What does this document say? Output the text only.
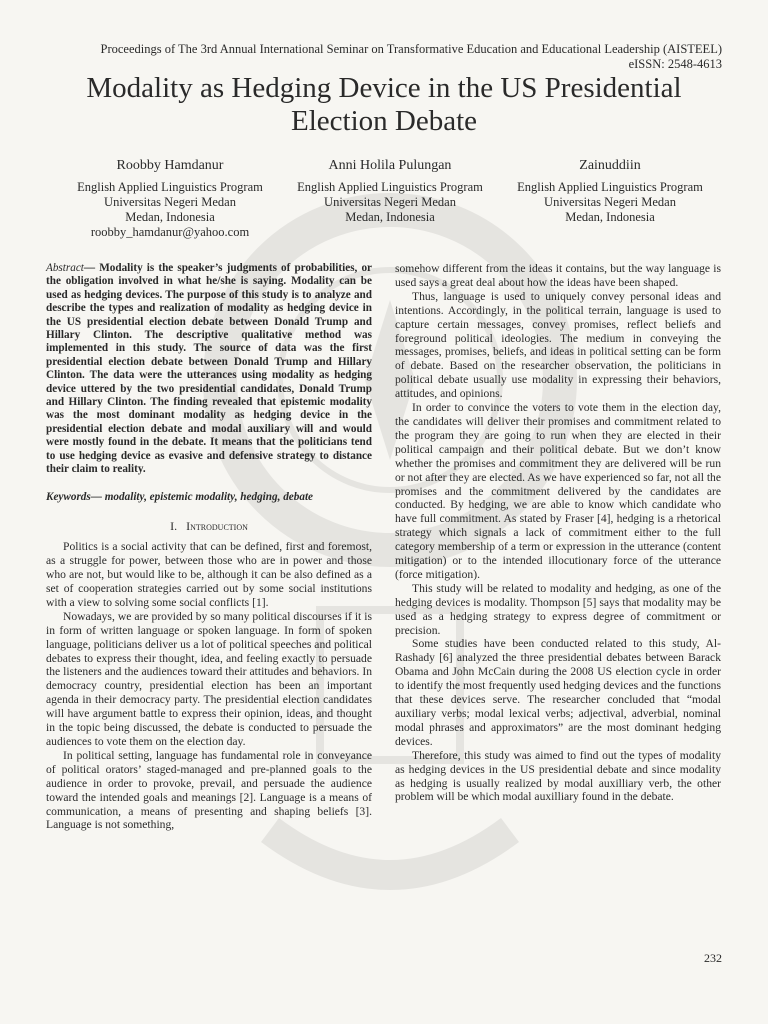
Proceedings of The 3rd Annual International Seminar on Transformative Education and Educational Leadership (AISTEEL)
eISSN: 2548-4613
Modality as Hedging Device in the US Presidential Election Debate
Roobby Hamdanur
English Applied Linguistics Program
Universitas Negeri Medan
Medan, Indonesia
roobby_hamdanur@yahoo.com
Anni Holila Pulungan
English Applied Linguistics Program
Universitas Negeri Medan
Medan, Indonesia
Zainuddiin
English Applied Linguistics Program
Universitas Negeri Medan
Medan, Indonesia

Abstract— Modality is the speaker’s judgments of probabilities, or the obligation involved in what he/she is saying. Modality can be used as hedging devices. The purpose of this study is to analyze and describe the types and realization of modality as hedging device in the US presidential election debate between Donald Trump and Hillary Clinton. The descriptive qualitative method was implemented in this study. The source of data was the first presidential election debate between Donald Trump and Hillary Clinton. The data were the utterances using modality as hedging device uttered by the two presidential candidates, Donald Trump and Hillary Clinton. The finding revealed that epistemic modality was the most dominant modality as hedging device in the presidential election debate and modal auxiliary will and would were mostly found in the debate. It means that the politicians tend to use hedging device as evasive and defensive strategy to distance their claim to reality.

Keywords— modality, epistemic modality, hedging, debate

I. Introduction

Politics is a social activity that can be defined, first and foremost, as a struggle for power, between those who are in power and those who are not, but would like to be, although it can be also defined as a set of cooperation strategies carried out by some social institutions with a view to solving some social conflicts [1].

Nowadays, we are provided by so many political discourses if it is in form of written language or spoken language. In form of spoken language, politicians deliver us a lot of political speeches and political debates to express their thought, idea, and feeling exactly to persuade the listeners and the audiences toward their attitudes and behaviors. In democracy country, presidential election has been an important agenda in their democracy party. The presidential election candidates will have argument battle to express their opinion, ideas, and thought in the topic being discussed, the debate is conducted to persuade the audiences to vote them on the election day.

In political setting, language has fundamental role in conveyance of political orators’ staged-managed and pre-planned goals to the audience in order to provoke, prevail, and persuade the audience toward the intended goals and meanings [2]. Language is a means of communication, a means of presenting and shaping beliefs [3]. Language is not something,

somehow different from the ideas it contains, but the way language is used says a great deal about how the ideas have been shaped.

Thus, language is used to uniquely convey personal ideas and intentions. Accordingly, in the political terrain, language is used to capture certain messages, convey promises, reflect beliefs and foreground political ideologies. The medium in conveying the messages, promises, beliefs, and ideas in political setting can be form of debate. Based on the researcher observation, the politicians in political debate usually use modality in expressing their behaviors, attitudes, and opinions.

In order to convince the voters to vote them in the election day, the candidates will deliver their promises and commitment related to the program they are going to run when they are elected in their political campaign and their political debate. But we don’t know whether the promises and commitment they are delivered will be run or not after they are elected. As we have experienced so far, not all the promises and the commitment delivered by the candidates are conducted. By hedging, we are able to know which candidate who have full commitment. As stated by Fraser [4], hedging is a rhetorical strategy which signals a lack of commitment either to the full category membership of a term or expression in the utterance (content mitigation) or to the intended illocutionary force of the utterance (force mitigation).

This study will be related to modality and hedging, as one of the hedging devices is modality. Thompson [5] says that modality may be used as a hedging strategy to express degree of commitment or precision.

Some studies have been conducted related to this study, Al-Rashady [6] analyzed the three presidential debates between Barack Obama and John McCain during the 2008 US election cycle in order to identify the most frequently used hedging devices and the functions that these devices serve. The researcher concluded that “modal auxiliary verbs; modal lexical verbs; adjectival, adverbial, nominal modal phrases and approximators” are the most dominant hedging devices.

Therefore, this study was aimed to find out the types of modality as hedging devices in the US presidential debate and since modality as hedging is usually realized by modal auxilliary verb, the other problem will be which modal auxilliary found in the debate.

232
